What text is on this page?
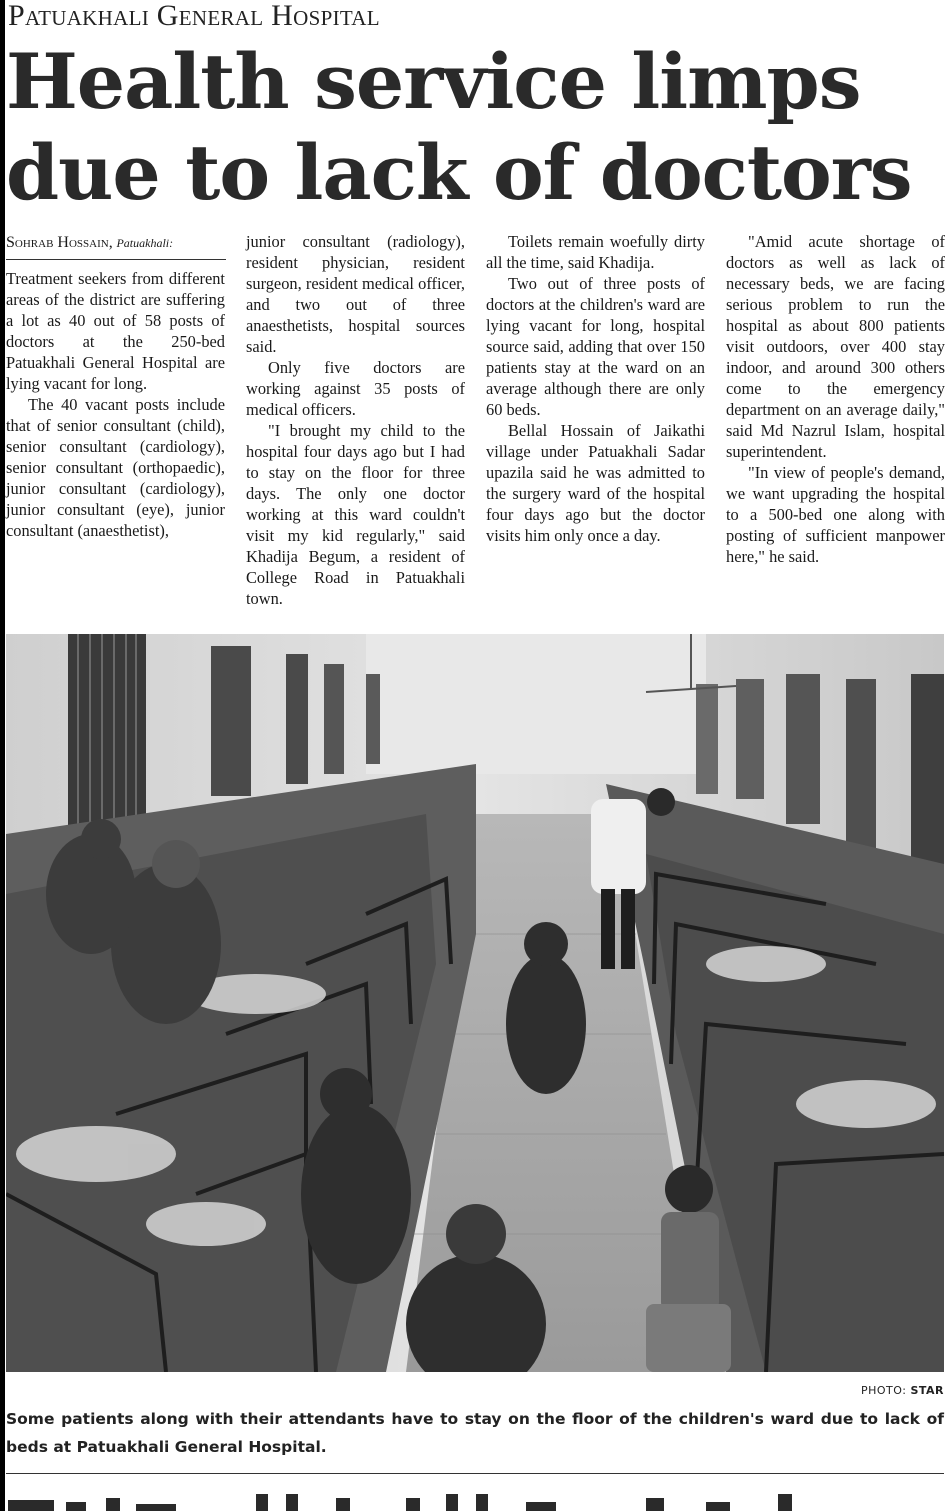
Patuakhali General Hospital
Health service limps due to lack of doctors
Sohrab Hossain, Patuakhali:

Treatment seekers from different areas of the district are suffering a lot as 40 out of 58 posts of doctors at the 250-bed Patuakhali General Hospital are lying vacant for long.

The 40 vacant posts include that of senior consultant (child), senior consultant (cardiology), senior consultant (orthopaedic), junior consultant (cardiology), junior consultant (eye), junior consultant (anaesthetist),

junior consultant (radiology), resident physician, resident surgeon, resident medical officer, and two out of three anaesthetists, hospital sources said.

Only five doctors are working against 35 posts of medical officers.

"I brought my child to the hospital four days ago but I had to stay on the floor for three days. The only one doctor working at this ward couldn't visit my kid regularly," said Khadija Begum, a resident of College Road in Patuakhali town.

Toilets remain woefully dirty all the time, said Khadija.

Two out of three posts of doctors at the children's ward are lying vacant for long, hospital source said, adding that over 150 patients stay at the ward on an average although there are only 60 beds.

Bellal Hossain of Jaikathi village under Patuakhali Sadar upazila said he was admitted to the surgery ward of the hospital four days ago but the doctor visits him only once a day.

"Amid acute shortage of doctors as well as lack of necessary beds, we are facing serious problem to run the hospital as about 800 patients visit outdoors, over 400 stay indoor, and around 300 others come to the emergency department on an average daily," said Md Nazrul Islam, hospital superintendent.

"In view of people's demand, we want upgrading the hospital to a 500-bed one along with posting of sufficient manpower here," he said.

PHOTO: STAR

Some patients along with their attendants have to stay on the floor of the children's ward due to lack of beds at Patuakhali General Hospital.
